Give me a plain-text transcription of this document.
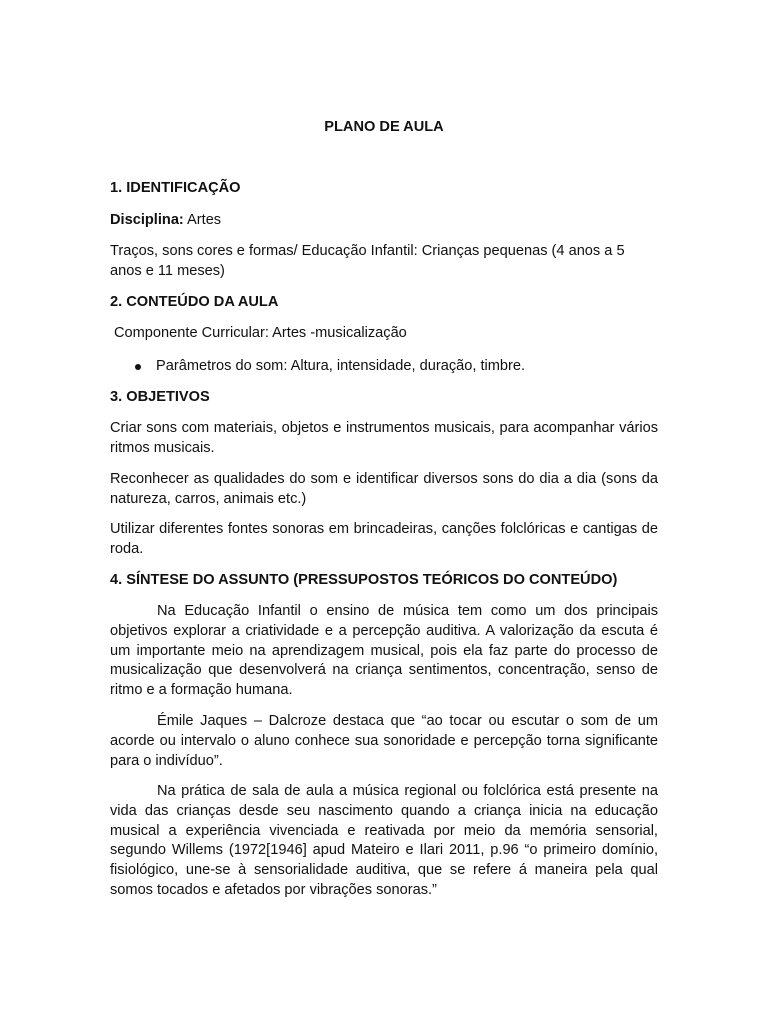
PLANO DE AULA

1. IDENTIFICAÇÃO

Disciplina: Artes

Traços, sons cores e formas/ Educação Infantil: Crianças pequenas (4 anos a 5 anos e 11 meses)

2. CONTEÚDO DA AULA

Componente Curricular: Artes -musicalização

Parâmetros do som: Altura, intensidade, duração, timbre.

3. OBJETIVOS

Criar sons com materiais, objetos e instrumentos musicais, para acompanhar vários ritmos musicais.

Reconhecer as qualidades do som e identificar diversos sons do dia a dia (sons da natureza, carros, animais etc.)

Utilizar diferentes fontes sonoras em brincadeiras, canções folclóricas e cantigas de roda.

4. SÍNTESE DO ASSUNTO (PRESSUPOSTOS TEÓRICOS DO CONTEÚDO)

Na Educação Infantil o ensino de música tem como um dos principais objetivos explorar a criatividade e a percepção auditiva. A valorização da escuta é um importante meio na aprendizagem musical, pois ela faz parte do processo de musicalização que desenvolverá na criança sentimentos, concentração, senso de ritmo e a formação humana.

Émile Jaques – Dalcroze destaca que “ao tocar ou escutar o som de um acorde ou intervalo o aluno conhece sua sonoridade e percepção torna significante para o indivíduo”.

Na prática de sala de aula a música regional ou folclórica está presente na vida das crianças desde seu nascimento quando a criança inicia na educação musical a experiência vivenciada e reativada por meio da memória sensorial, segundo Willems (1972[1946] apud Mateiro e Ilari 2011, p.96 “o primeiro domínio, fisiológico, une-se à sensorialidade auditiva, que se refere á maneira pela qual somos tocados e afetados por vibrações sonoras.”
